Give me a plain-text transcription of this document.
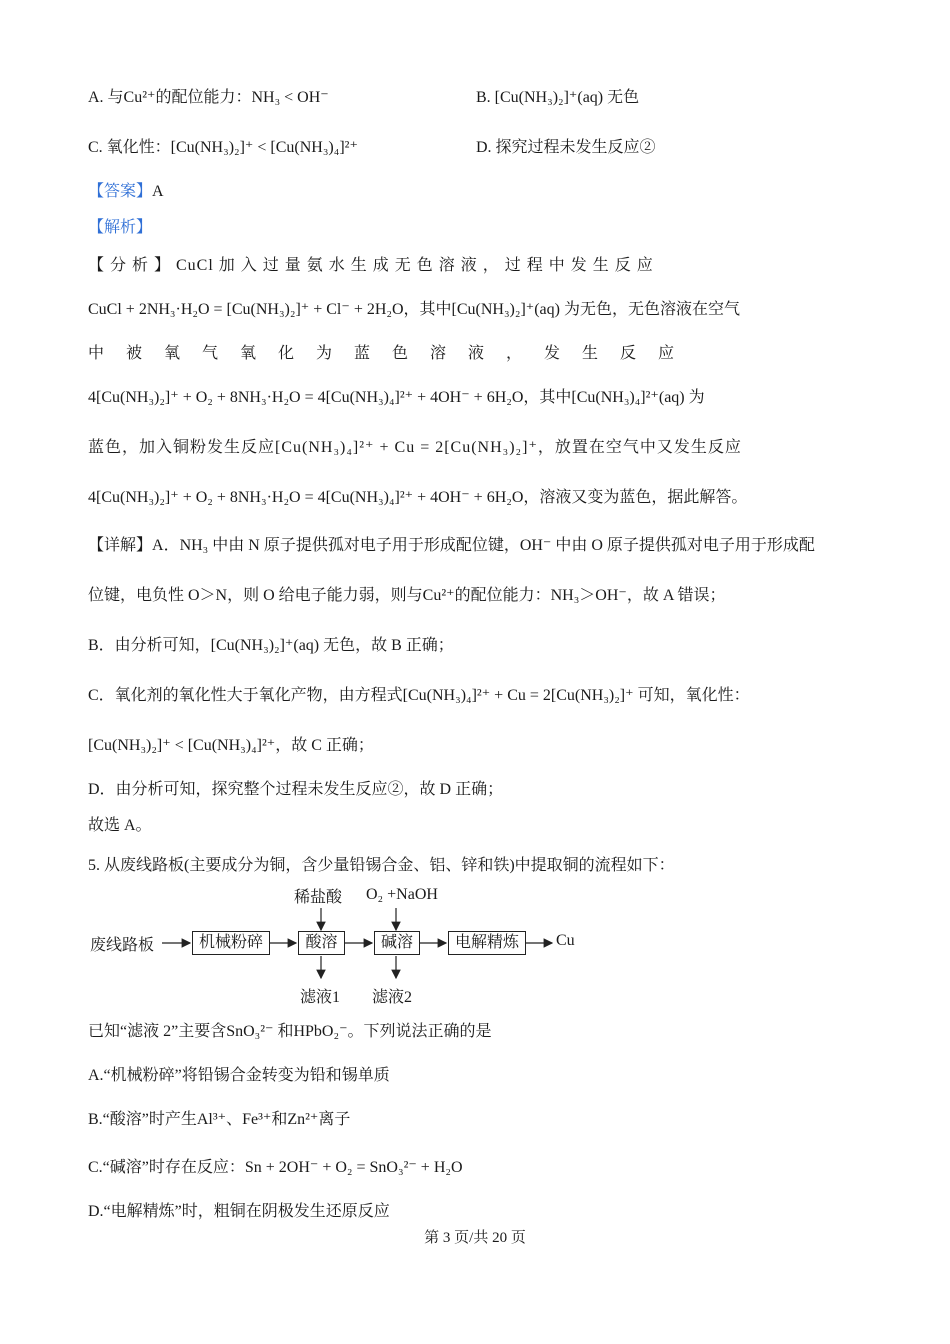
A. 与Cu²⁺的配位能力：NH₃ < OH⁻	B. [Cu(NH₃)₂]⁺(aq) 无色
C. 氧化性：[Cu(NH₃)₂]⁺ < [Cu(NH₃)₄]²⁺	D. 探究过程未发生反应②
【答案】A
【解析】
【 分 析 】 CuCl 加 入 过 量 氨 水 生 成 无 色 溶 液 ， 过 程 中 发 生 反 应
CuCl + 2NH₃·H₂O = [Cu(NH₃)₂]⁺ + Cl⁻ + 2H₂O，其中[Cu(NH₃)₂]⁺(aq) 为无色，无色溶液在空气
中 被 氧 气 氧 化 为 蓝 色 溶 液 ， 发 生 反 应
4[Cu(NH₃)₂]⁺ + O₂ + 8NH₃·H₂O = 4[Cu(NH₃)₄]²⁺ + 4OH⁻ + 6H₂O，其中[Cu(NH₃)₄]²⁺(aq) 为
蓝色，加入铜粉发生反应[Cu(NH₃)₄]²⁺ + Cu = 2[Cu(NH₃)₂]⁺，放置在空气中又发生反应
4[Cu(NH₃)₂]⁺ + O₂ + 8NH₃·H₂O = 4[Cu(NH₃)₄]²⁺ + 4OH⁻ + 6H₂O，溶液又变为蓝色，据此解答。
【详解】A．NH₃ 中由 N 原子提供孤对电子用于形成配位键，OH⁻ 中由 O 原子提供孤对电子用于形成配
位键，电负性 O＞N，则 O 给电子能力弱，则与Cu²⁺的配位能力：NH₃＞OH⁻，故 A 错误；
B．由分析可知，[Cu(NH₃)₂]⁺(aq) 无色，故 B 正确；
C．氧化剂的氧化性大于氧化产物，由方程式[Cu(NH₃)₄]²⁺ + Cu = 2[Cu(NH₃)₂]⁺ 可知，氧化性：
[Cu(NH₃)₂]⁺ < [Cu(NH₃)₄]²⁺，故 C 正确；
D．由分析可知，探究整个过程未发生反应②，故 D 正确；
故选 A。
5. 从废线路板(主要成分为铜，含少量铅锡合金、铝、锌和铁)中提取铜的流程如下：
废线路板	机械粉碎	酸溶	碱溶	电解精炼	Cu
稀盐酸 O₂ +NaOH
滤液1 滤液2
已知“滤液 2”主要含SnO₃²⁻ 和HPbO₂⁻。下列说法正确的是
A.“机械粉碎”将铅锡合金转变为铅和锡单质
B.“酸溶”时产生Al³⁺、Fe³⁺和Zn²⁺离子
C.“碱溶”时存在反应：Sn + 2OH⁻ + O₂ = SnO₃²⁻ + H₂O
D.“电解精炼”时，粗铜在阴极发生还原反应
第 3 页/共 20 页
